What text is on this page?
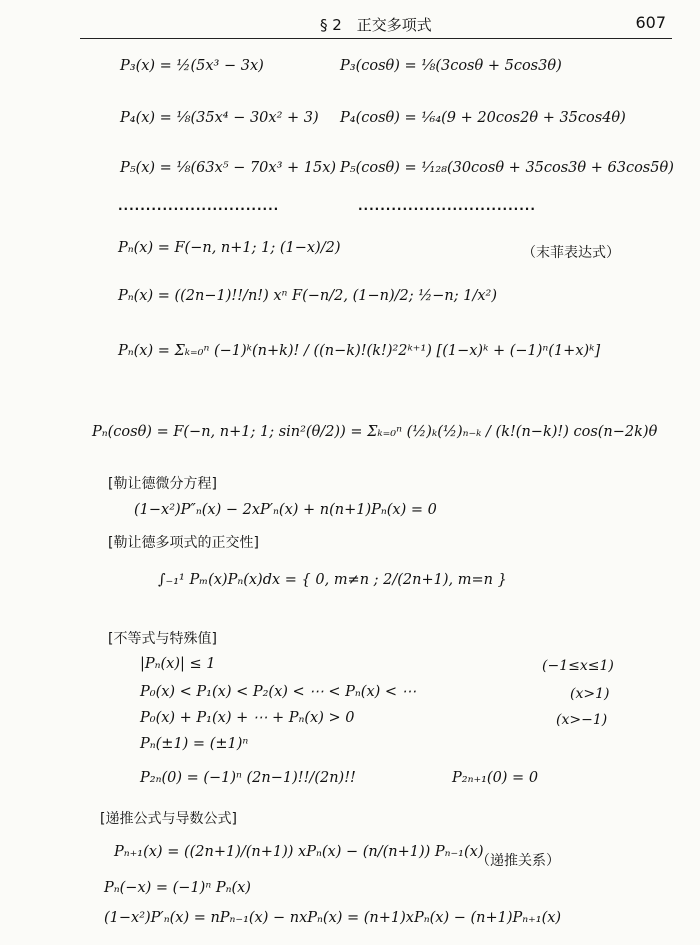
§ 2　正交多项式	607
P₃(x) = ½(5x³ − 3x)	P₃(cosθ) = ⅛(3cosθ + 5cos3θ)
P₄(x) = ⅛(35x⁴ − 30x² + 3) P₄(cosθ) = ¹⁄₆₄(9 + 20cos2θ + 35cos4θ)
P₅(x) = ⅛(63x⁵ − 70x³ + 15x) P₅(cosθ) = ¹⁄₁₂₈(30cosθ + 35cos3θ + 63cos5θ)
·····························	································
Pₙ(x) = F(−n, n+1; 1; (1−x)/2)	（末菲表达式）
Pₙ(x) = ((2n−1)!!/n!) xⁿ F(−n/2, (1−n)/2; ½−n; 1/x²)
Pₙ(x) = Σₖ₌₀ⁿ (−1)ᵏ(n+k)! / ((n−k)!(k!)²2ᵏ⁺¹) [(1−x)ᵏ + (−1)ⁿ(1+x)ᵏ]
Pₙ(cosθ) = F(−n, n+1; 1; sin²(θ/2)) = Σₖ₌₀ⁿ (½)ₖ(½)ₙ₋ₖ / (k!(n−k)!) cos(n−2k)θ
[勒让德微分方程]
(1−x²)P″ₙ(x) − 2xP′ₙ(x) + n(n+1)Pₙ(x) = 0
[勒让德多项式的正交性]
∫₋₁¹ Pₘ(x)Pₙ(x)dx = { 0, m≠n ; 2/(2n+1), m=n }
[不等式与特殊值]
|Pₙ(x)| ≤ 1	(−1≤x≤1)
P₀(x) < P₁(x) < P₂(x) < ⋯ < Pₙ(x) < ⋯	(x>1)
P₀(x) + P₁(x) + ⋯ + Pₙ(x) > 0	(x>−1)
Pₙ(±1) = (±1)ⁿ
P₂ₙ(0) = (−1)ⁿ (2n−1)!!/(2n)!!	P₂ₙ₊₁(0) = 0
[递推公式与导数公式]
Pₙ₊₁(x) = ((2n+1)/(n+1)) xPₙ(x) − (n/(n+1)) Pₙ₋₁(x)
（递推关系）
Pₙ(−x) = (−1)ⁿ Pₙ(x)
(1−x²)P′ₙ(x) = nPₙ₋₁(x) − nxPₙ(x) = (n+1)xPₙ(x) − (n+1)Pₙ₊₁(x)
